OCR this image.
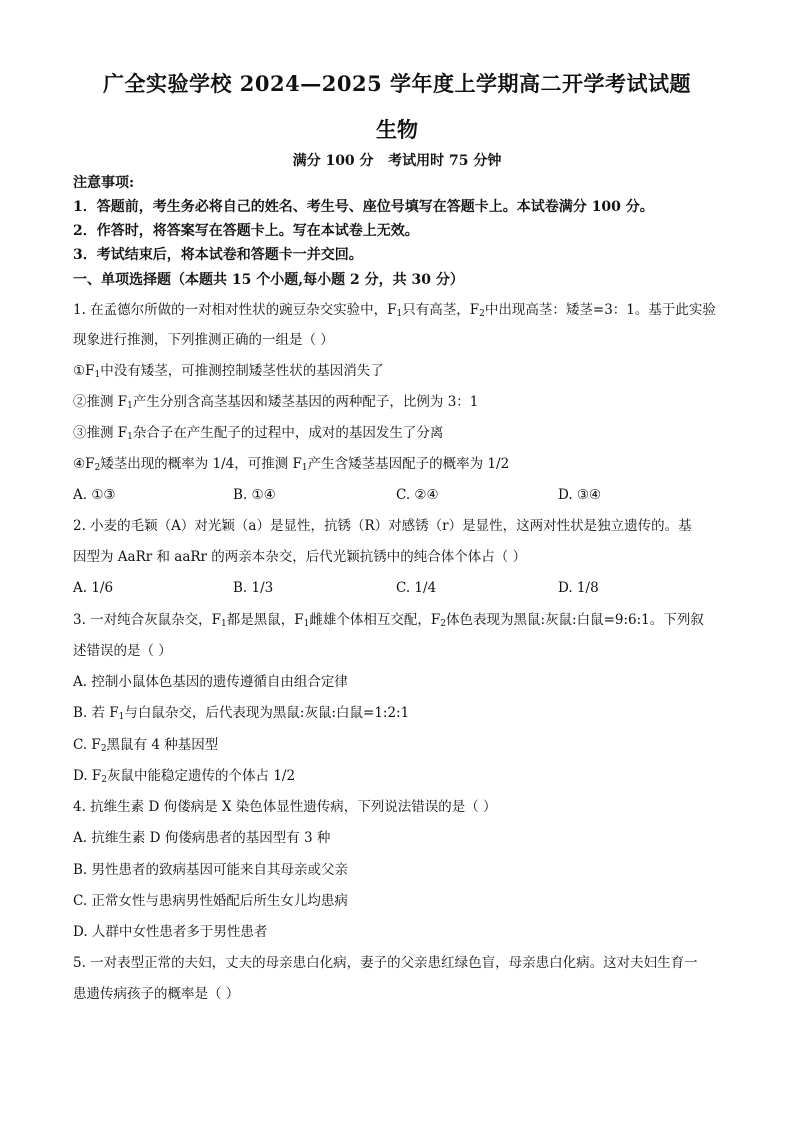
广全实验学校 2024—2025 学年度上学期高二开学考试试题
生物
满分 100 分   考试用时 75 分钟
注意事项:
1．答题前，考生务必将自己的姓名、考生号、座位号填写在答题卡上。本试卷满分 100 分。
2．作答时，将答案写在答题卡上。写在本试卷上无效。
3．考试结束后，将本试卷和答题卡一并交回。
一、单项选择题（本题共 15 个小题,每小题 2 分，共 30 分）
1. 在孟德尔所做的一对相对性状的豌豆杂交实验中，$F_1$只有高茎，$F_2$中出现高茎：矮茎=3：1。基于此实验
现象进行推测，下列推测正确的一组是（ ）
$①F_1$中没有矮茎，可推测控制矮茎性状的基因消失了
②推测 $F_1$产生分别含高茎基因和矮茎基因的两种配子，比例为 3：1
③推测 $F_1$杂合子在产生配子的过程中，成对的基因发生了分离
$④F_2$矮茎出现的概率为 1/4，可推测 $F_1$产生含矮茎基因配子的概率为 1/2
A. ①③	B. ①④	C. ②④	D. ③④
2. 小麦的毛颖（A）对光颖（a）是显性，抗锈（R）对感锈（r）是显性，这两对性状是独立遗传的。基
因型为 AaRr 和 aaRr 的两亲本杂交，后代光颖抗锈中的纯合体个体占（ ）
A. 1/6	B. 1/3	C. 1/4	D. 1/8
3. 一对纯合灰鼠杂交，$F_1$都是黑鼠，$F_1$雌雄个体相互交配，$F_2$体色表现为黑鼠:灰鼠:白鼠=9:6:1。下列叙
述错误的是（ ）
A. 控制小鼠体色基因的遗传遵循自由组合定律
B. 若 $F_1$与白鼠杂交，后代表现为黑鼠:灰鼠:白鼠=1:2:1
C. $F_2$黑鼠有 4 种基因型
D. $F_2$灰鼠中能稳定遗传的个体占 1/2
4. 抗维生素 D 佝偻病是 X 染色体显性遗传病，下列说法错误的是（ ）
A. 抗维生素 D 佝偻病患者的基因型有 3 种
B. 男性患者的致病基因可能来自其母亲或父亲
C. 正常女性与患病男性婚配后所生女儿均患病
D. 人群中女性患者多于男性患者
5. 一对表型正常的夫妇，丈夫的母亲患白化病，妻子的父亲患红绿色盲，母亲患白化病。这对夫妇生育一
患遗传病孩子的概率是（ ）
